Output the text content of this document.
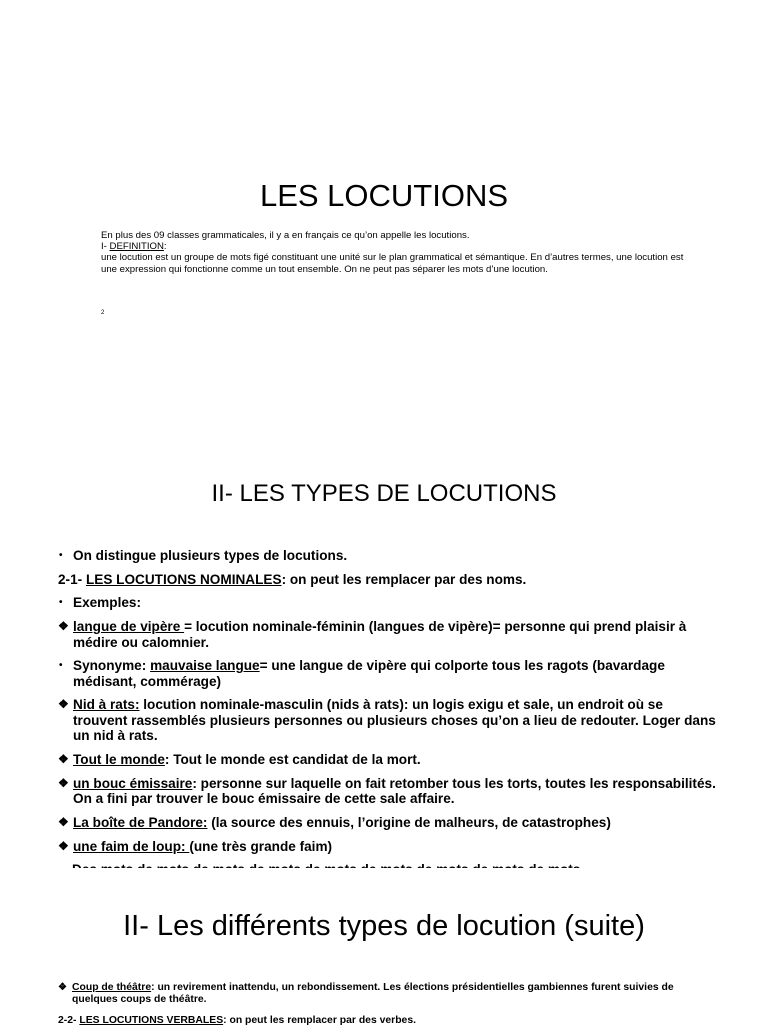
LES LOCUTIONS

En plus des 09 classes grammaticales, il y a en français ce qu’on appelle les locutions.

I- DEFINITION:

une locution est un groupe de mots figé constituant une unité sur le plan grammatical et sémantique. En d’autres termes, une locution est une expression qui fonctionne comme un tout ensemble. On ne peut pas séparer les mots d’une locution.

2
II- LES TYPES DE LOCUTIONS
• On distingue plusieurs types de locutions.
2-1- LES LOCUTIONS NOMINALES: on peut les remplacer par des noms.
• Exemples:
❖ langue de vipère = locution nominale-féminin (langues de vipère)= personne qui prend plaisir à médire ou calomnier.
• Synonyme: mauvaise langue= une langue de vipère qui colporte tous les ragots (bavardage médisant, commérage)
❖ Nid à rats: locution nominale-masculin (nids à rats): un logis exigu et sale, un endroit où se trouvent rassemblés plusieurs personnes ou plusieurs choses qu’on a lieu de redouter. Loger dans un nid à rats.
❖ Tout le monde: Tout le monde est candidat de la mort.
❖ un bouc émissaire: personne sur laquelle on fait retomber tous les torts, toutes les responsabilités. On a fini par trouver le bouc émissaire de cette sale affaire.
❖ La boîte de Pandore: (la source des ennuis, l’origine de malheurs, de catastrophes)
❖ une faim de loup: (une très grande faim)
II- Les différents types de locution (suite)
❖ Coup de théâtre: un revirement inattendu, un rebondissement. Les élections présidentielles gambiennes furent suivies de quelques coups de théâtre.
2-2- LES LOCUTIONS VERBALES: on peut les remplacer par des verbes.
